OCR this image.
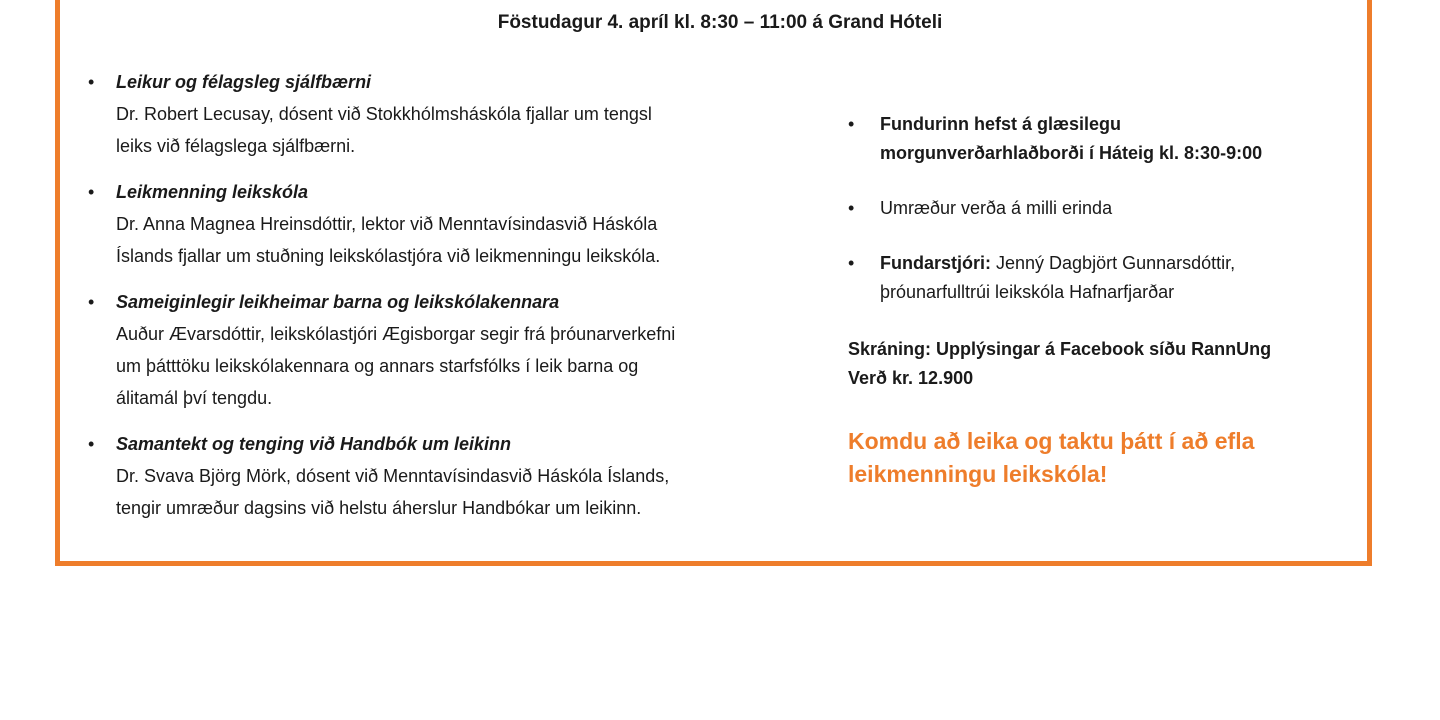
Föstudagur 4. apríl kl. 8:30 – 11:00 á Grand Hóteli
• Leikur og félagsleg sjálfbærni
Dr. Robert Lecusay, dósent við Stokkhólmsháskóla fjallar um tengsl
leiks við félagslega sjálfbærni.
• Leikmenning leikskóla
Dr. Anna Magnea Hreinsdóttir, lektor við Menntavísindasvið Háskóla
Íslands fjallar um stuðning leikskólastjóra við leikmenningu leikskóla.
• Sameiginlegir leikheimar barna og leikskólakennara
Auður Ævarsdóttir, leikskólastjóri Ægisborgar segir frá þróunarverkefni
um þátttöku leikskólakennara og annars starfsfólks í leik barna og
álitamál því tengdu.
• Samantekt og tenging við Handbók um leikinn
Dr. Svava Björg Mörk, dósent við Menntavísindasvið Háskóla Íslands,
tengir umræður dagsins við helstu áherslur Handbókar um leikinn.
• Fundurinn hefst á glæsilegu
morgunverðarhlaðborði í Háteig kl. 8:30-9:00
• Umræður verða á milli erinda
• Fundarstjóri: Jenný Dagbjört Gunnarsdóttir,
þróunarfulltrúi leikskóla Hafnarfjarðar
Skráning: Upplýsingar á Facebook síðu RannUng
Verð kr. 12.900
Komdu að leika og taktu þátt í að efla
leikmenningu leikskóla!
